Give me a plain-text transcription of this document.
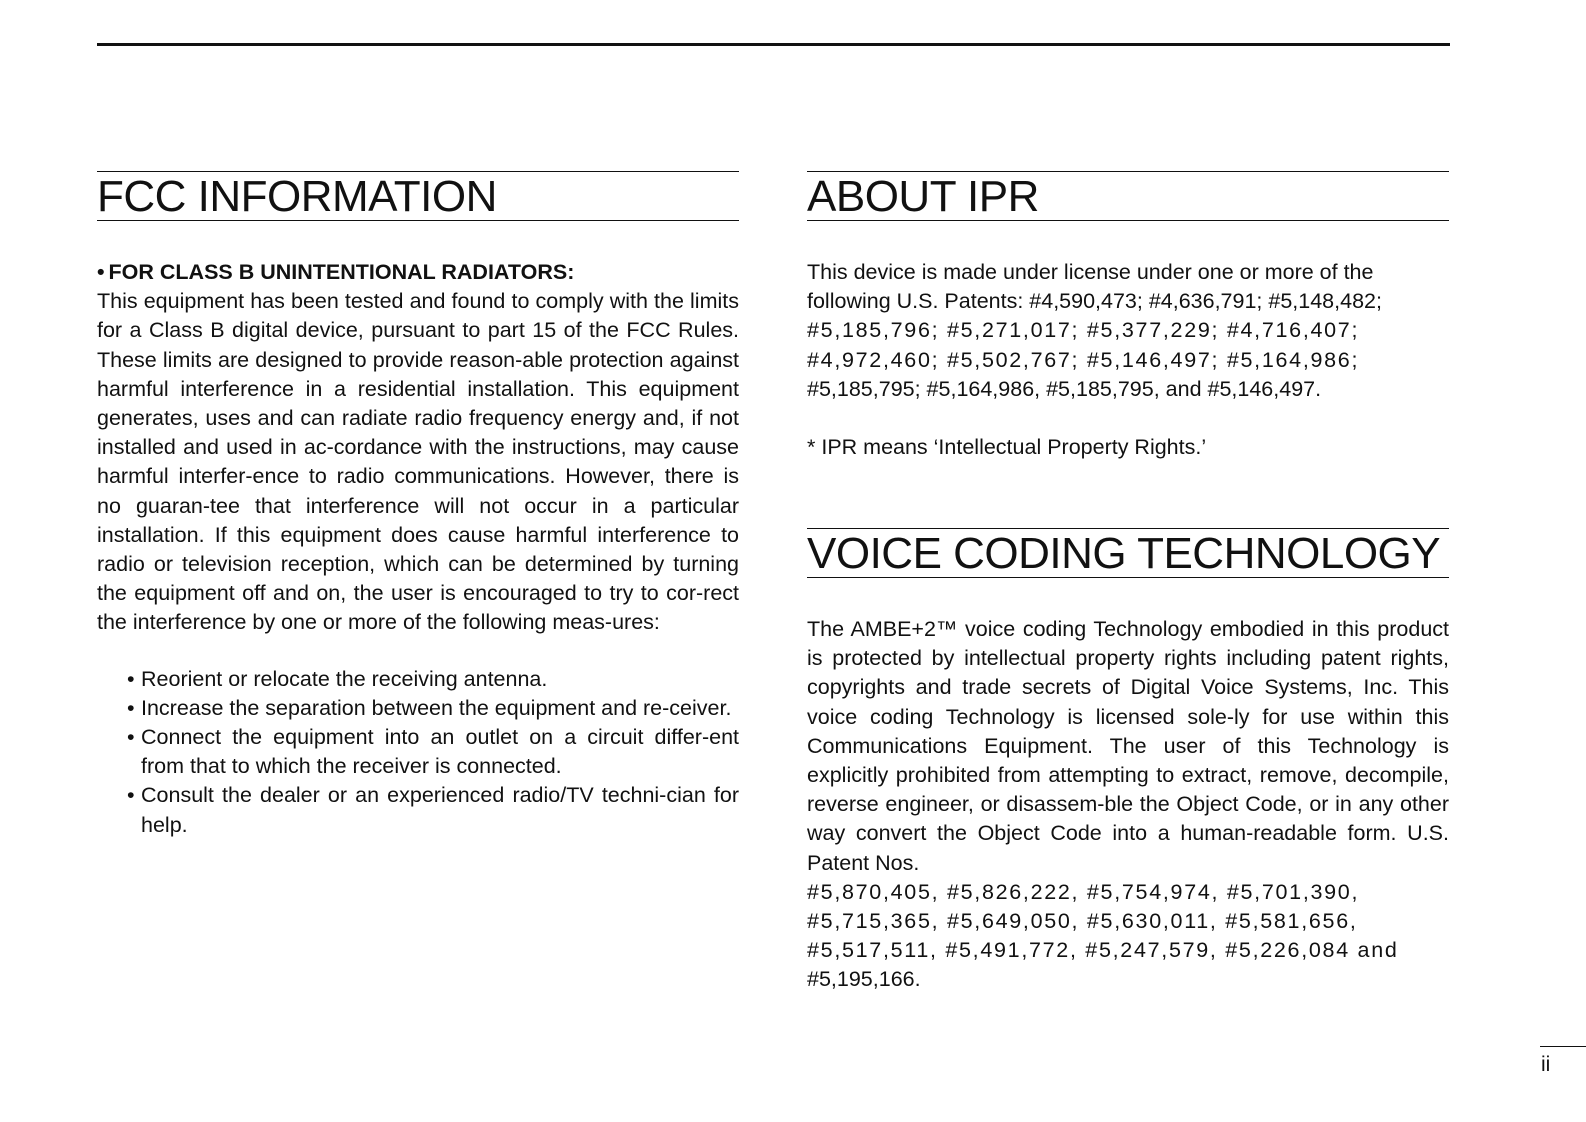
FCC INFORMATION

• FOR CLASS B UNINTENTIONAL RADIATORS:

This equipment has been tested and found to comply with the limits for a Class B digital device, pursuant to part 15 of the FCC Rules. These limits are designed to provide reason-able protection against harmful interference in a residential installation. This equipment generates, uses and can radiate radio frequency energy and, if not installed and used in ac-cordance with the instructions, may cause harmful interfer-ence to radio communications. However, there is no guaran-tee that interference will not occur in a particular installation. If this equipment does cause harmful interference to radio or television reception, which can be determined by turning the equipment off and on, the user is encouraged to try to cor-rect the interference by one or more of the following meas-ures:

• Reorient or relocate the receiving antenna.
• Increase the separation between the equipment and re-ceiver.
• Connect the equipment into an outlet on a circuit differ-ent from that to which the receiver is connected.
• Consult the dealer or an experienced radio/TV techni-cian for help.
ABOUT IPR

This device is made under license under one or more of the

following U.S. Patents: #4,590,473; #4,636,791; #5,148,482;

#5,185,796; #5,271,017; #5,377,229; #4,716,407;

#4,972,460; #5,502,767; #5,146,497; #5,164,986;

#5,185,795; #5,164,986, #5,185,795, and #5,146,497.

* IPR means ‘Intellectual Property Rights.’

VOICE CODING TECHNOLOGY

The AMBE+2™ voice coding Technology embodied in this product is protected by intellectual property rights including patent rights, copyrights and trade secrets of Digital Voice Systems, Inc. This voice coding Technology is licensed sole-ly for use within this Communications Equipment. The user of this Technology is explicitly prohibited from attempting to extract, remove, decompile, reverse engineer, or disassem-ble the Object Code, or in any other way convert the Object Code into a human-readable form. U.S. Patent Nos.

#5,870,405, #5,826,222, #5,754,974, #5,701,390,

#5,715,365, #5,649,050, #5,630,011, #5,581,656,

#5,517,511, #5,491,772, #5,247,579, #5,226,084 and

#5,195,166.

ii
